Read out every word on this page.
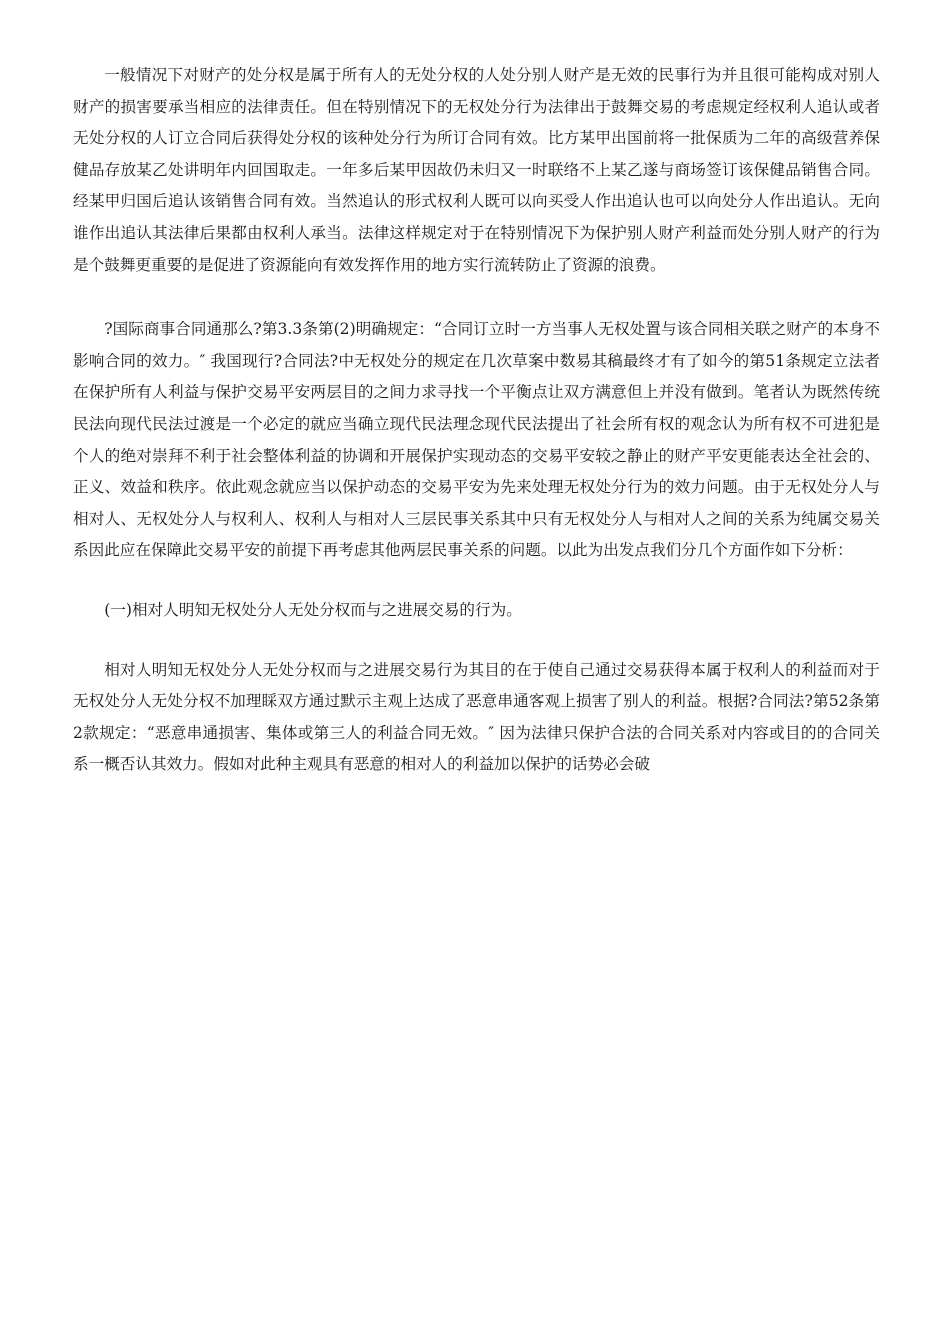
一般情况下对财产的处分权是属于所有人的无处分权的人处分别人财产是无效的民事行为并且很可能构成对别人财产的损害要承当相应的法律责任。但在特别情况下的无权处分行为法律出于鼓舞交易的考虑规定经权利人追认或者无处分权的人订立合同后获得处分权的该种处分行为所订合同有效。比方某甲出国前将一批保质为二年的高级营养保健品存放某乙处讲明年内回国取走。一年多后某甲因故仍未归又一时联络不上某乙遂与商场签订该保健品销售合同。经某甲归国后追认该销售合同有效。当然追认的形式权利人既可以向买受人作出追认也可以向处分人作出追认。无向谁作出追认其法律后果都由权利人承当。法律这样规定对于在特别情况下为保护别人财产利益而处分别人财产的行为是个鼓舞更重要的是促进了资源能向有效发挥作用的地方实行流转防止了资源的浪费。

?国际商事合同通那么?第3.3条第(2)明确规定：“合同订立时一方当事人无权处置与该合同相关联之财产的本身不影响合同的效力。″ 我国现行?合同法?中无权处分的规定在几次草案中数易其稿最终才有了如今的第51条规定立法者在保护所有人利益与保护交易平安两层目的之间力求寻找一个平衡点让双方满意但上并没有做到。笔者认为既然传统民法向现代民法过渡是一个必定的就应当确立现代民法理念现代民法提出了社会所有权的观念认为所有权不可进犯是个人的绝对崇拜不利于社会整体利益的协调和开展保护实现动态的交易平安较之静止的财产平安更能表达全社会的、正义、效益和秩序。依此观念就应当以保护动态的交易平安为先来处理无权处分行为的效力问题。由于无权处分人与相对人、无权处分人与权利人、权利人与相对人三层民事关系其中只有无权处分人与相对人之间的关系为纯属交易关系因此应在保障此交易平安的前提下再考虑其他两层民事关系的问题。以此为出发点我们分几个方面作如下分析：

(一)相对人明知无权处分人无处分权而与之进展交易的行为。

相对人明知无权处分人无处分权而与之进展交易行为其目的在于使自己通过交易获得本属于权利人的利益而对于无权处分人无处分权不加理睬双方通过默示主观上达成了恶意串通客观上损害了别人的利益。根据?合同法?第52条第2款规定：“恶意串通损害、集体或第三人的利益合同无效。″ 因为法律只保护合法的合同关系对内容或目的的合同关系一概否认其效力。假如对此种主观具有恶意的相对人的利益加以保护的话势必会破
